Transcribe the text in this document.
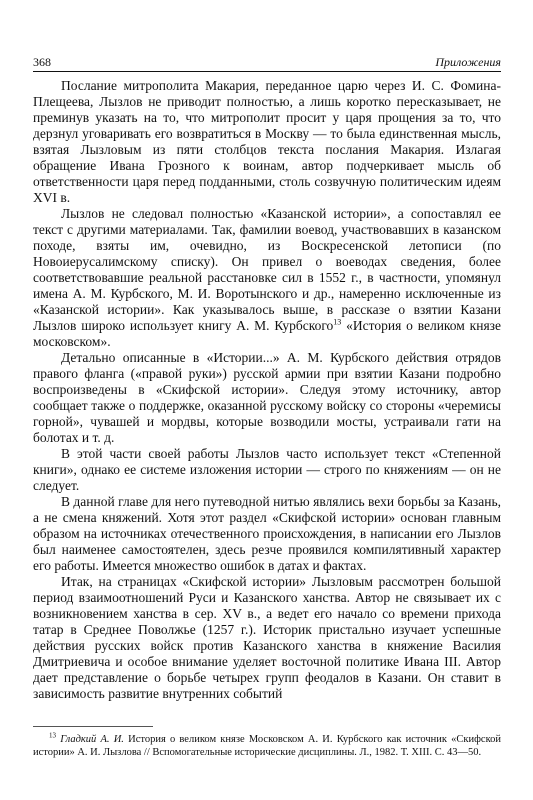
368	Приложения

Послание митрополита Макария, переданное царю через И. С. Фомина-Плещеева, Лызлов не приводит полностью, а лишь коротко пересказывает, не преминув указать на то, что митрополит просит у царя прощения за то, что дерзнул уговаривать его возвратиться в Москву — то была единственная мысль, взятая Лызловым из пяти столбцов текста послания Макария. Излагая обращение Ивана Грозного к воинам, автор подчеркивает мысль об ответственности царя перед подданными, столь созвучную политическим идеям XVI в.

Лызлов не следовал полностью «Казанской истории», а сопоставлял ее текст с другими материалами. Так, фамилии воевод, участвовавших в казанском походе, взяты им, очевидно, из Воскресенской летописи (по Новоиерусалимскому списку). Он привел о воеводах сведения, более соответствовавшие реальной расстановке сил в 1552 г., в частности, упомянул имена А. М. Курбского, М. И. Воротынского и др., намеренно исключенные из «Казанской истории». Как указывалось выше, в рассказе о взятии Казани Лызлов широко использует книгу А. М. Курбского$^{13}$ «История о великом князе московском».

Детально описанные в «Истории...» А. М. Курбского действия отрядов правого фланга («правой руки») русской армии при взятии Казани подробно воспроизведены в «Скифской истории». Следуя этому источнику, автор сообщает также о поддержке, оказанной русскому войску со стороны «черемисы горной», чувашей и мордвы, которые возводили мосты, устраивали гати на болотах и т. д.

В этой части своей работы Лызлов часто использует текст «Степенной книги», однако ее системе изложения истории — строго по княжениям — он не следует.

В данной главе для него путеводной нитью являлись вехи борьбы за Казань, а не смена княжений. Хотя этот раздел «Скифской истории» основан главным образом на источниках отечественного происхождения, в написании его Лызлов был наименее самостоятелен, здесь резче проявился компилятивный характер его работы. Имеется множество ошибок в датах и фактах.

Итак, на страницах «Скифской истории» Лызловым рассмотрен большой период взаимоотношений Руси и Казанского ханства. Автор не связывает их с возникновением ханства в сер. XV в., а ведет его начало со времени прихода татар в Среднее Поволжье (1257 г.). Историк пристально изучает успешные действия русских войск против Казанского ханства в княжение Василия Дмитриевича и особое внимание уделяет восточной политике Ивана III. Автор дает представление о борьбе четырех групп феодалов в Казани. Он ставит в зависимость развитие внутренних событий

$^{13}$ Гладкий А. И. История о великом князе Московском А. И. Курбского как источник «Скифской истории» А. И. Лызлова // Вспомогательные исторические дисциплины. Л., 1982. Т. XIII. С. 43—50.
